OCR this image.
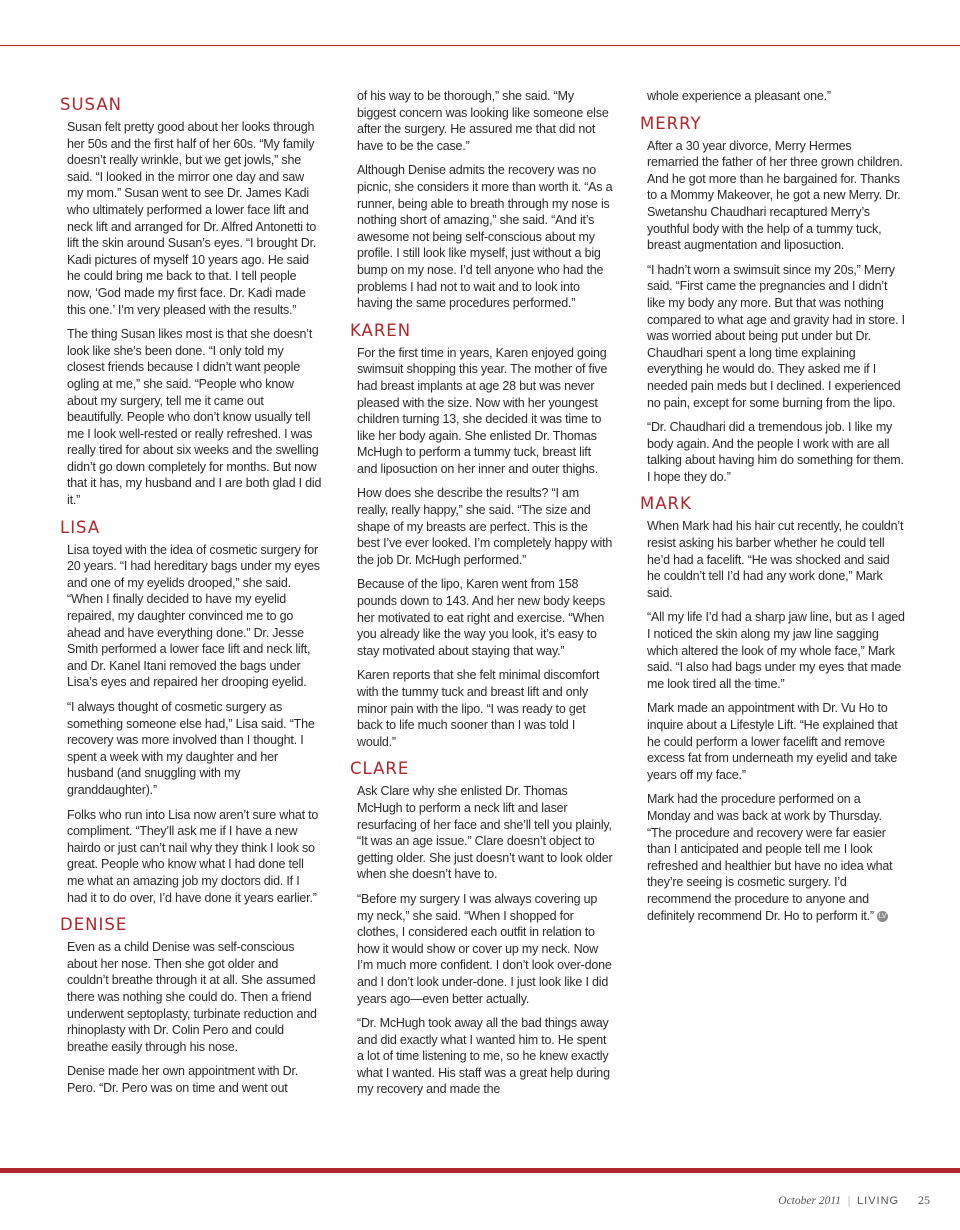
SUSAN

Susan felt pretty good about her looks through her 50s and the first half of her 60s. “My family doesn’t really wrinkle, but we get jowls,” she said. “I looked in the mirror one day and saw my mom.” Susan went to see Dr. James Kadi who ultimately performed a lower face lift and neck lift and arranged for Dr. Alfred Antonetti to lift the skin around Susan’s eyes. “I brought Dr. Kadi pictures of myself 10 years ago. He said he could bring me back to that. I tell people now, ‘God made my first face. Dr. Kadi made this one.’ I’m very pleased with the results.”

The thing Susan likes most is that she doesn’t look like she’s been done. “I only told my closest friends because I didn’t want people ogling at me,” she said. “People who know about my surgery, tell me it came out beautifully. People who don’t know usually tell me I look well-rested or really refreshed. I was really tired for about six weeks and the swelling didn’t go down completely for months. But now that it has, my husband and I are both glad I did it.”

LISA

Lisa toyed with the idea of cosmetic surgery for 20 years. “I had hereditary bags under my eyes and one of my eyelids drooped,” she said. “When I finally decided to have my eyelid repaired, my daughter convinced me to go ahead and have everything done.” Dr. Jesse Smith performed a lower face lift and neck lift, and Dr. Kanel Itani removed the bags under Lisa’s eyes and repaired her drooping eyelid.

“I always thought of cosmetic surgery as something someone else had,” Lisa said. “The recovery was more involved than I thought. I spent a week with my daughter and her husband (and snuggling with my granddaughter).”

Folks who run into Lisa now aren’t sure what to compliment. “They’ll ask me if I have a new hairdo or just can’t nail why they think I look so great. People who know what I had done tell me what an amazing job my doctors did. If I had it to do over, I’d have done it years earlier.”

DENISE

Even as a child Denise was self-conscious about her nose. Then she got older and couldn’t breathe through it at all. She assumed there was nothing she could do. Then a friend underwent septoplasty, turbinate reduction and rhinoplasty with Dr. Colin Pero and could breathe easily through his nose.

Denise made her own appointment with Dr. Pero. “Dr. Pero was on time and went out

of his way to be thorough,” she said. “My biggest concern was looking like someone else after the surgery. He assured me that did not have to be the case.”

Although Denise admits the recovery was no picnic, she considers it more than worth it. “As a runner, being able to breath through my nose is nothing short of amazing,” she said. “And it’s awesome not being self-conscious about my profile. I still look like myself, just without a big bump on my nose. I’d tell anyone who had the problems I had not to wait and to look into having the same procedures performed.”

KAREN

For the first time in years, Karen enjoyed going swimsuit shopping this year. The mother of five had breast implants at age 28 but was never pleased with the size. Now with her youngest children turning 13, she decided it was time to like her body again. She enlisted Dr. Thomas McHugh to perform a tummy tuck, breast lift and liposuction on her inner and outer thighs.

How does she describe the results? “I am really, really happy,” she said. “The size and shape of my breasts are perfect. This is the best I’ve ever looked. I’m completely happy with the job Dr. McHugh performed.”

Because of the lipo, Karen went from 158 pounds down to 143. And her new body keeps her motivated to eat right and exercise. “When you already like the way you look, it’s easy to stay motivated about staying that way.”

Karen reports that she felt minimal discomfort with the tummy tuck and breast lift and only minor pain with the lipo. “I was ready to get back to life much sooner than I was told I would.”

CLARE

Ask Clare why she enlisted Dr. Thomas McHugh to perform a neck lift and laser resurfacing of her face and she’ll tell you plainly, “It was an age issue.” Clare doesn’t object to getting older. She just doesn’t want to look older when she doesn’t have to.

“Before my surgery I was always covering up my neck,” she said. “When I shopped for clothes, I considered each outfit in relation to how it would show or cover up my neck. Now I’m much more confident. I don’t look over-done and I don’t look under-done. I just look like I did years ago—even better actually.

“Dr. McHugh took away all the bad things away and did exactly what I wanted him to. He spent a lot of time listening to me, so he knew exactly what I wanted. His staff was a great help during my recovery and made the

whole experience a pleasant one.”

MERRY

After a 30 year divorce, Merry Hermes remarried the father of her three grown children. And he got more than he bargained for. Thanks to a Mommy Makeover, he got a new Merry. Dr. Swetanshu Chaudhari recaptured Merry’s youthful body with the help of a tummy tuck, breast augmentation and liposuction.

“I hadn’t worn a swimsuit since my 20s,” Merry said. “First came the pregnancies and I didn’t like my body any more. But that was nothing compared to what age and gravity had in store. I was worried about being put under but Dr. Chaudhari spent a long time explaining everything he would do. They asked me if I needed pain meds but I declined. I experienced no pain, except for some burning from the lipo.

“Dr. Chaudhari did a tremendous job. I like my body again. And the people I work with are all talking about having him do something for them. I hope they do.”

MARK

When Mark had his hair cut recently, he couldn’t resist asking his barber whether he could tell he’d had a facelift. “He was shocked and said he couldn’t tell I’d had any work done,” Mark said.

“All my life I’d had a sharp jaw line, but as I aged I noticed the skin along my jaw line sagging which altered the look of my whole face,” Mark said. “I also had bags under my eyes that made me look tired all the time.”

Mark made an appointment with Dr. Vu Ho to inquire about a Lifestyle Lift. “He explained that he could perform a lower facelift and remove excess fat from underneath my eyelid and take years off my face.”

Mark had the procedure performed on a Monday and was back at work by Thursday. “The procedure and recovery were far easier than I anticipated and people tell me I look refreshed and healthier but have no idea what they’re seeing is cosmetic surgery. I’d recommend the procedure to anyone and definitely recommend Dr. Ho to perform it.” LV

October 2011 | LIVING 25
